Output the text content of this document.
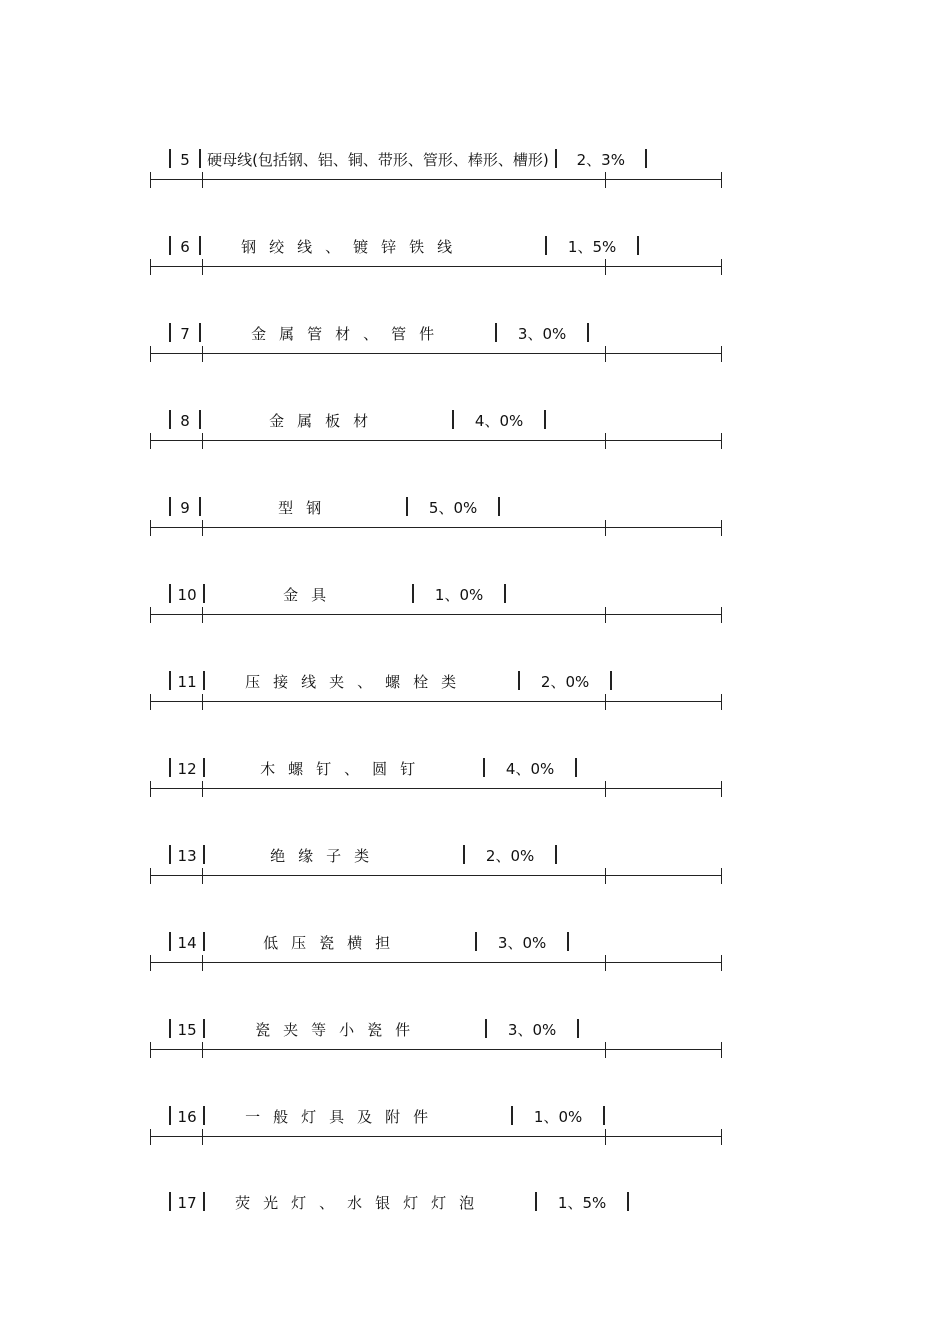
5 硬母线(包括钢、铝、铜、带形、管形、棒形、槽形) 2、3%

6	钢绞线、镀锌铁线	1、5%

7	金属管材、管件	3、0%

8	金属板材	4、0%

9	型钢	5、0%

10	金具	1、0%

11	压接线夹、螺栓类	2、0%

12	木螺钉、圆钉	4、0%

13	绝缘子类	2、0%

14	低压瓷横担	3、0%

15	瓷夹等小瓷件	3、0%

16	一般灯具及附件	1、0%

17	荧光灯、水银灯灯泡	1、5%
